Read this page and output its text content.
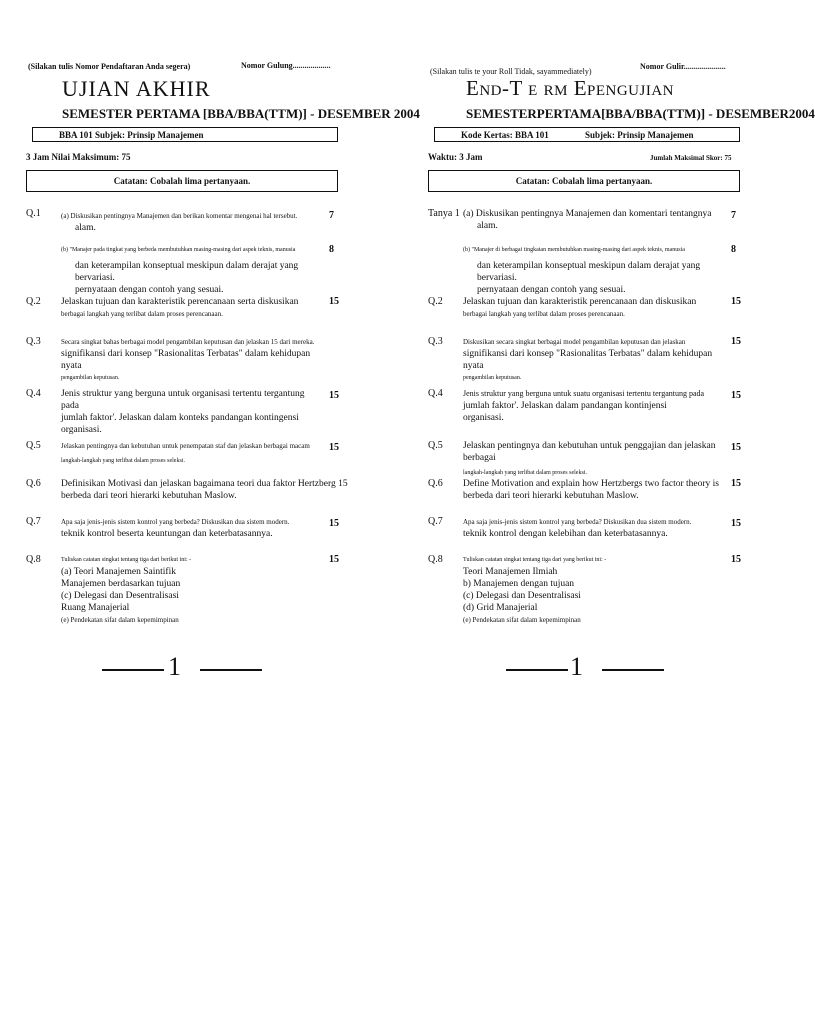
(Silakan tulis Nomor Pendaftaran Anda segera)	Nomor Gulung...................
UJIAN AKHIR
SEMESTER PERTAMA [BBA/BBA(TTM)] - DESEMBER 2004
BBA 101 Subjek: Prinsip Manajemen
3 Jam Nilai Maksimum: 75
Catatan: Cobalah lima pertanyaan.
Q.1	(a) Diskusikan pentingnya Manajemen dan berikan komentar mengenai hal tersebut.
alam.
7
(b) "Manajer pada tingkat yang berbeda membutuhkan masing-masing dari aspek teknis, manusia
dan keterampilan konseptual meskipun dalam derajat yang bervariasi.
pernyataan dengan contoh yang sesuai.
8
Q.2 Jelaskan tujuan dan karakteristik perencanaan serta diskusikan
berbagai langkah yang terlibat dalam proses perencanaan.
15
Q.3	Secara singkat bahas berbagai model pengambilan keputusan dan jelaskan 15 dari mereka.
signifikansi dari konsep "Rasionalitas Terbatas" dalam kehidupan nyata
pengambilan keputusan.
Q.4 Jenis struktur yang berguna untuk organisasi tertentu tergantung pada
jumlah faktor'. Jelaskan dalam konteks pandangan kontingensi
organisasi.
15
Q.5	Jelaskan pentingnya dan kebutuhan untuk penempatan staf dan jelaskan berbagai macam
langkah-langkah yang terlibat dalam proses seleksi.
15
Q.6 Definisikan Motivasi dan jelaskan bagaimana teori dua faktor Hertzberg 15
berbeda dari teori hierarki kebutuhan Maslow.
Q.7	Apa saja jenis-jenis sistem kontrol yang berbeda? Diskusikan dua sistem modern.
teknik kontrol beserta keuntungan dan keterbatasannya.
15
Q.8	Tuliskan catatan singkat tentang tiga dari berikut ini: -
(a) Teori Manajemen Saintifik
Manajemen berdasarkan tujuan
(c) Delegasi dan Desentralisasi
Ruang Manajerial
(e) Pendekatan sifat dalam kepemimpinan
15
1
(Silakan tulis te your Roll Tidak, sayammediately)
Nomor Gulir.....................
End-T e rm Epengujian
SEMESTERPERTAMA[BBA/BBA(TTM)] - DESEMBER2004
Kode Kertas: BBA 101	Subjek: Prinsip Manajemen
Waktu: 3 Jam	Jumlah Maksimal Skor: 75
Catatan: Cobalah lima pertanyaan.
Tanya 1 (a) Diskusikan pentingnya Manajemen dan komentari tentangnya
alam.
7
(b) "Manajer di berbagai tingkatan membutuhkan masing-masing dari aspek teknis, manusia
dan keterampilan konseptual meskipun dalam derajat yang bervariasi.
pernyataan dengan contoh yang sesuai.
8
Q.2 Jelaskan tujuan dan karakteristik perencanaan dan diskusikan
berbagai langkah yang terlibat dalam proses perencanaan.
15
Q.3	Diskusikan secara singkat berbagai model pengambilan keputusan dan jelaskan
signifikansi dari konsep "Rasionalitas Terbatas" dalam kehidupan nyata
pengambilan keputusan.
15
Q.4	Jenis struktur yang berguna untuk suatu organisasi tertentu tergantung pada
jumlah faktor'. Jelaskan dalam pandangan kontinjensi
organisasi.
15
Q.5 Jelaskan pentingnya dan kebutuhan untuk penggajian dan jelaskan berbagai
langkah-langkah yang terlibat dalam proses seleksi.
15
Q.6 Define Motivation and explain how Hertzbergs two factor theory is
berbeda dari teori hierarki kebutuhan Maslow.
15
Q.7	Apa saja jenis-jenis sistem kontrol yang berbeda? Diskusikan dua sistem modern.
teknik kontrol dengan kelebihan dan keterbatasannya.
15
Q.8	Tuliskan catatan singkat tentang tiga dari yang berikut ini: -
Teori Manajemen Ilmiah
b) Manajemen dengan tujuan
(c) Delegasi dan Desentralisasi
(d) Grid Manajerial
(e) Pendekatan sifat dalam kepemimpinan
15
1
